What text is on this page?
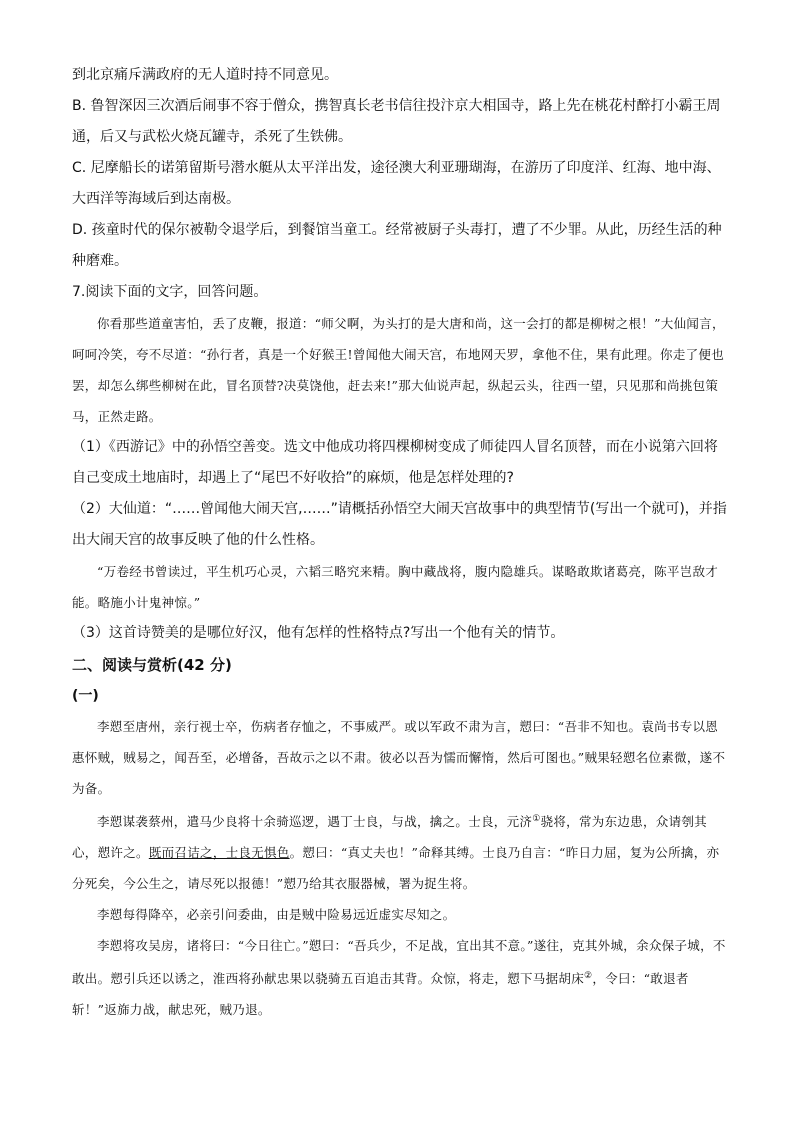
到北京痛斥满政府的无人道时持不同意见。

B. 鲁智深因三次酒后闹事不容于僧众，携智真长老书信往投汴京大相国寺，路上先在桃花村醉打小霸王周通，后又与武松火烧瓦罐寺，杀死了生铁佛。

C. 尼摩船长的诺第留斯号潜水艇从太平洋出发，途径澳大利亚珊瑚海，在游历了印度洋、红海、地中海、大西洋等海域后到达南极。

D. 孩童时代的保尔被勒令退学后，到餐馆当童工。经常被厨子头毒打，遭了不少罪。从此，历经生活的种种磨难。

7.阅读下面的文字，回答问题。

你看那些道童害怕，丢了皮鞭，报道：“师父啊，为头打的是大唐和尚，这一会打的都是柳树之根！”大仙闻言，呵呵冷笑，夸不尽道：“孙行者，真是一个好猴王!曾闻他大闹天宫，布地网天罗，拿他不住，果有此理。你走了便也罢，却怎么绑些柳树在此，冒名顶替?决莫饶他，赶去来!”那大仙说声起，纵起云头，往西一望，只见那和尚挑包策马，正然走路。

（1）《西游记》中的孙悟空善变。选文中他成功将四棵柳树变成了师徒四人冒名顶替，而在小说第六回将自己变成土地庙时，却遇上了“尾巴不好收拾”的麻烦，他是怎样处理的?

（2）大仙道：“……曾闻他大闹天宫,……”请概括孙悟空大闹天宫故事中的典型情节(写出一个就可)，并指出大闹天宫的故事反映了他的什么性格。

“万卷经书曾读过，平生机巧心灵，六韬三略究来精。胸中藏战将，腹内隐雄兵。谋略敢欺诸葛亮，陈平岂敌才能。略施小计鬼神惊。”

（3）这首诗赞美的是哪位好汉，他有怎样的性格特点?写出一个他有关的情节。

二、阅读与赏析(42 分)

(一)

李愬至唐州，亲行视士卒，伤病者存恤之，不事威严。或以军政不肃为言，愬曰：“吾非不知也。袁尚书专以恩惠怀贼，贼易之，闻吾至，必增备，吾故示之以不肃。彼必以吾为懦而懈惰，然后可图也。”贼果轻愬名位素微，遂不为备。

李愬谋袭蔡州，遣马少良将十余骑巡逻，遇丁士良，与战，擒之。士良，元济①骁将，常为东边患，众请刳其心，愬许之。既而召诘之，士良无惧色。愬曰：“真丈夫也！”命释其缚。士良乃自言：“昨日力屈，复为公所擒，亦分死矣，今公生之，请尽死以报德！”愬乃给其衣服器械，署为捉生将。

李愬每得降卒，必亲引问委曲，由是贼中险易远近虚实尽知之。

李愬将攻吴房，诸将曰：“今日往亡。”愬曰：“吾兵少，不足战，宜出其不意。”遂往，克其外城，余众保子城，不敢出。愬引兵还以诱之，淮西将孙献忠果以骁骑五百追击其背。众惊，将走，愬下马据胡床②，令曰：“敢退者斩！”返旆力战，献忠死，贼乃退。
